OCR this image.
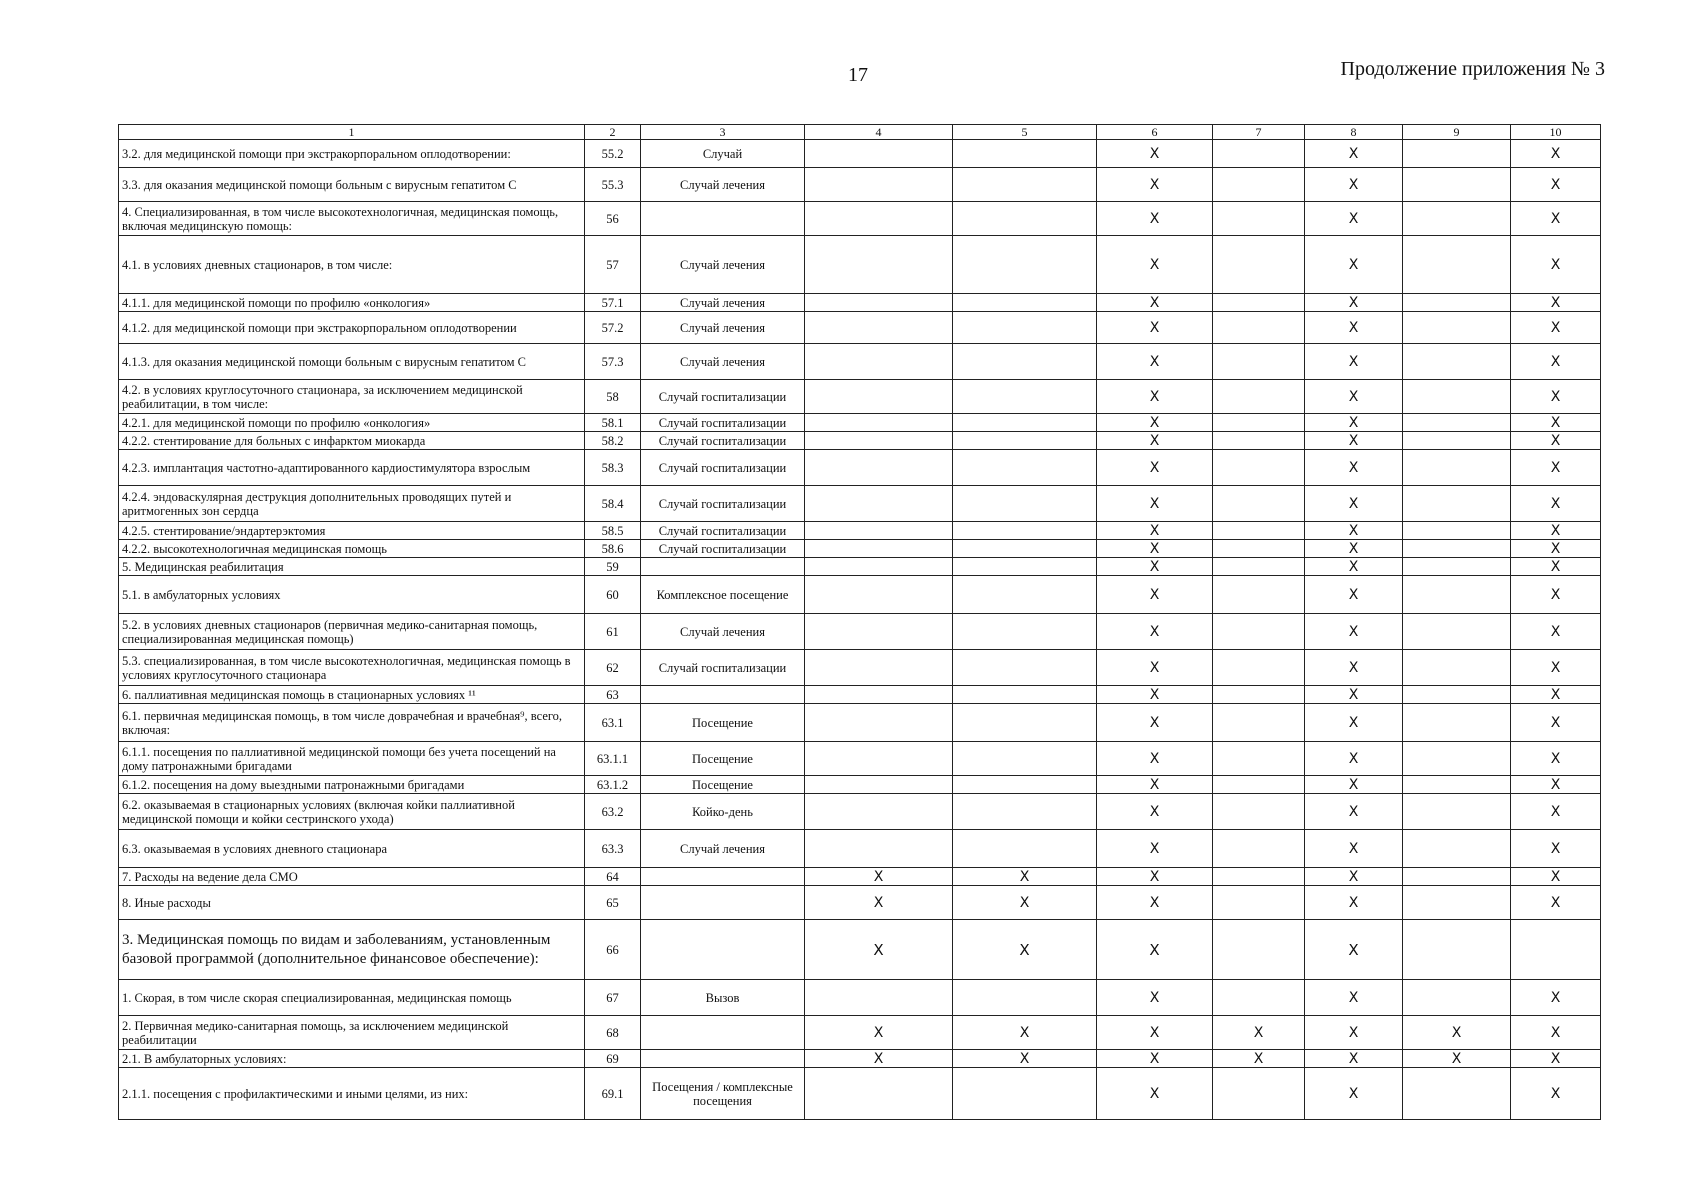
17	Продолжение приложения № 3
1	2	3	4	5	6	7	8	9	10
3.2. для медицинской помощи при экстракорпоральном оплодотворении:	55.2	Случай			X		X		X
3.3. для оказания медицинской помощи больным с вирусным гепатитом С	55.3	Случай лечения			X		X		X
4. Специализированная, в том числе высокотехнологичная, медицинская помощь, включая медицинскую помощь:	56				X		X		X
4.1. в условиях дневных стационаров, в том числе:	57	Случай лечения			X		X		X
4.1.1. для медицинской помощи по профилю «онкология»	57.1	Случай лечения			X		X		X
4.1.2. для медицинской помощи при экстракорпоральном оплодотворении	57.2	Случай лечения			X		X		X
4.1.3. для оказания медицинской помощи больным с вирусным гепатитом С	57.3	Случай лечения			X		X		X
4.2. в условиях круглосуточного стационара, за исключением медицинской реабилитации, в том числе:	58	Случай госпитализации			X		X		X
4.2.1. для медицинской помощи по профилю «онкология»	58.1	Случай госпитализации			X		X		X
4.2.2. стентирование для больных с инфарктом миокарда	58.2	Случай госпитализации			X		X		X
4.2.3. имплантация частотно-адаптированного кардиостимулятора взрослым	58.3	Случай госпитализации			X		X		X
4.2.4. эндоваскулярная деструкция дополнительных проводящих путей и аритмогенных зон сердца	58.4	Случай госпитализации			X		X		X
4.2.5. стентирование/эндартерэктомия	58.5	Случай госпитализации			X		X		X
4.2.2. высокотехнологичная медицинская помощь	58.6	Случай госпитализации			X		X		X
5. Медицинская реабилитация	59				X		X		X
5.1. в амбулаторных условиях	60	Комплексное посещение			X		X		X
5.2. в условиях дневных стационаров (первичная медико-санитарная помощь, специализированная медицинская помощь)	61	Случай лечения			X		X		X
5.3. специализированная, в том числе высокотехнологичная, медицинская помощь в условиях круглосуточного стационара	62	Случай госпитализации			X		X		X
6. паллиативная медицинская помощь в стационарных условиях ¹¹	63				X		X		X
6.1. первичная медицинская помощь, в том числе доврачебная и врачебная⁹, всего, включая:	63.1	Посещение			X		X		X
6.1.1. посещения по паллиативной медицинской помощи без учета посещений на дому патронажными бригадами	63.1.1	Посещение			X		X		X
6.1.2. посещения на дому выездными патронажными бригадами	63.1.2	Посещение			X		X		X
6.2. оказываемая в стационарных условиях (включая койки паллиативной медицинской помощи и койки сестринского ухода)	63.2	Койко-день			X		X		X
6.3. оказываемая в условиях дневного стационара	63.3	Случай лечения			X		X		X
7. Расходы на ведение дела СМО	64		X	X	X		X		X
8. Иные расходы	65		X	X	X		X		X
3. Медицинская помощь по видам и заболеваниям, установленным базовой программой (дополнительное финансовое обеспечение):	66		X	X	X		X		
1. Скорая, в том числе скорая специализированная, медицинская помощь	67	Вызов			X		X		X
2. Первичная медико-санитарная помощь, за исключением медицинской реабилитации	68		X	X	X	X	X	X	X
2.1. В амбулаторных условиях:	69		X	X	X	X	X	X	X
2.1.1. посещения с профилактическими и иными целями, из них:	69.1	Посещения / комплексные посещения			X		X		X
